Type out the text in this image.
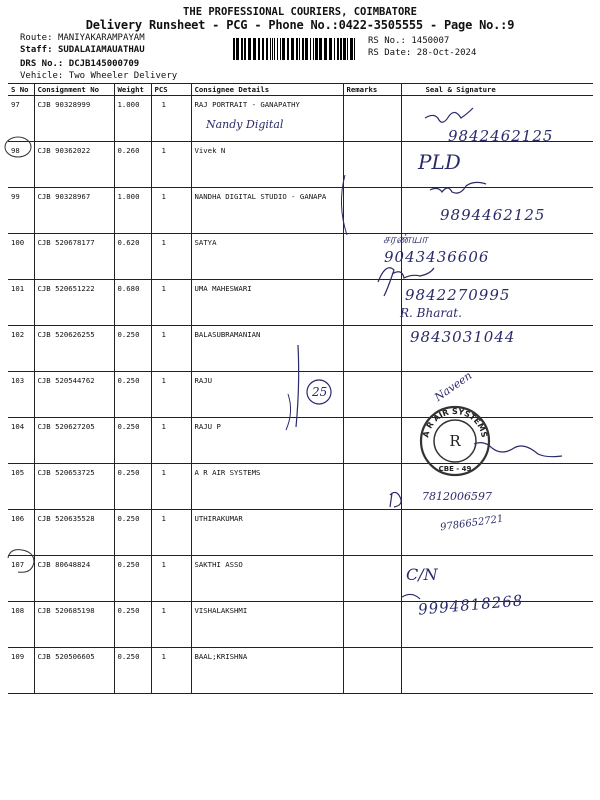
THE PROFESSIONAL COURIERS, COIMBATORE
Delivery Runsheet - PCG - Phone No.:0422-3505555 - Page No.:9
Route: MANIYAKARAMPAYAM
Staff: SUDALAIAMAUATHAU
DRS No.: DCJB145000709
Vehicle: Two Wheeler Delivery
RS No.: 1450007
RS Date: 28-Oct-2024
S No	Consignment No	Weight	PCS	Consignee Details	Remarks	Seal & Signature
97	CJB 90328999	1.000	1	RAJ PORTRAIT - GANAPATHY		
98	CJB 90362022	0.260	1	Vivek N		
99	CJB 90328967	1.000	1	NANDHA DIGITAL STUDIO - GANAPA		
100	CJB 520678177	0.620	1	SATYA		
101	CJB 520651222	0.680	1	UMA MAHESWARI		
102	CJB 520626255	0.250	1	BALASUBRAMANIAN		
103	CJB 520544762	0.250	1	RAJU		
104	CJB 520627205	0.250	1	RAJU P		
105	CJB 520653725	0.250	1	A R AIR SYSTEMS		
106	CJB 520635528	0.250	1	UTHIRAKUMAR		
107	CJB 80648824	0.250	1	SAKTHI ASSO		
108	CJB 520685198	0.250	1	VISHALAKSHMI		
109	CJB 520506605	0.250	1	BAAL;KRISHNA		
Nandy Digital
9842462125
PLD
9894462125
சரண்யா
9043436606
9842270995
R. Bharat.
9843031044
Naveen
7812006597
9786652721
C/N
9994818268
25
A R AIR SYSTEMS
R
CBE - 49
